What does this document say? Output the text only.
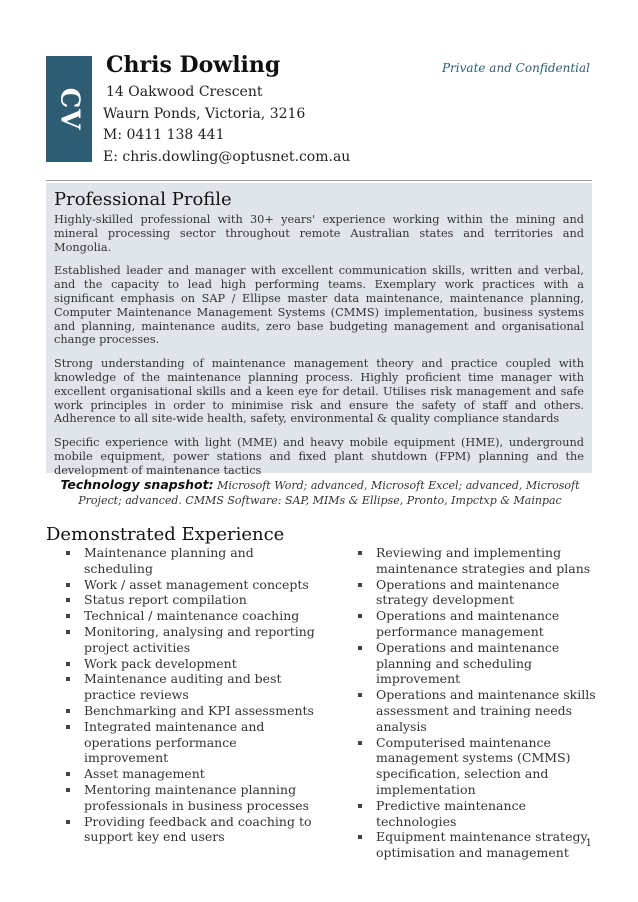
CV
Chris Dowling	Private and Confidential
14 Oakwood Crescent
Waurn Ponds, Victoria, 3216
M: 0411 138 441
E: chris.dowling@optusnet.com.au
Professional Profile

Highly-skilled professional with 30+ years' experience working within the mining and mineral processing sector throughout remote Australian states and territories and Mongolia.

Established leader and manager with excellent communication skills, written and verbal, and the capacity to lead high performing teams. Exemplary work practices with a significant emphasis on SAP / Ellipse master data maintenance, maintenance planning, Computer Maintenance Management Systems (CMMS) implementation, business systems and planning, maintenance audits, zero base budgeting management and organisational change processes.

Strong understanding of maintenance management theory and practice coupled with knowledge of the maintenance planning process. Highly proficient time manager with excellent organisational skills and a keen eye for detail. Utilises risk management and safe work principles in order to minimise risk and ensure the safety of staff and others. Adherence to all site-wide health, safety, environmental & quality compliance standards

Specific experience with light (MME) and heavy mobile equipment (HME), underground mobile equipment, power stations and fixed plant shutdown (FPM) planning and the development of maintenance tactics

Technology snapshot: Microsoft Word; advanced, Microsoft Excel; advanced, Microsoft Project; advanced. CMMS Software: SAP, MIMs & Ellipse, Pronto, Impctxp & Mainpac
Demonstrated Experience
Maintenance planning and scheduling
Work / asset management concepts
Status report compilation
Technical / maintenance coaching
Monitoring, analysing and reporting project activities
Work pack development
Maintenance auditing and best practice reviews
Benchmarking and KPI assessments
Integrated maintenance and operations performance improvement
Asset management
Mentoring maintenance planning professionals in business processes
Providing feedback and coaching to support key end users
Reviewing and implementing maintenance strategies and plans
Operations and maintenance strategy development
Operations and maintenance performance management
Operations and maintenance planning and scheduling improvement
Operations and maintenance skills assessment and training needs analysis
Computerised maintenance management systems (CMMS) specification, selection and implementation
Predictive maintenance technologies
Equipment maintenance strategy optimisation and management
1
